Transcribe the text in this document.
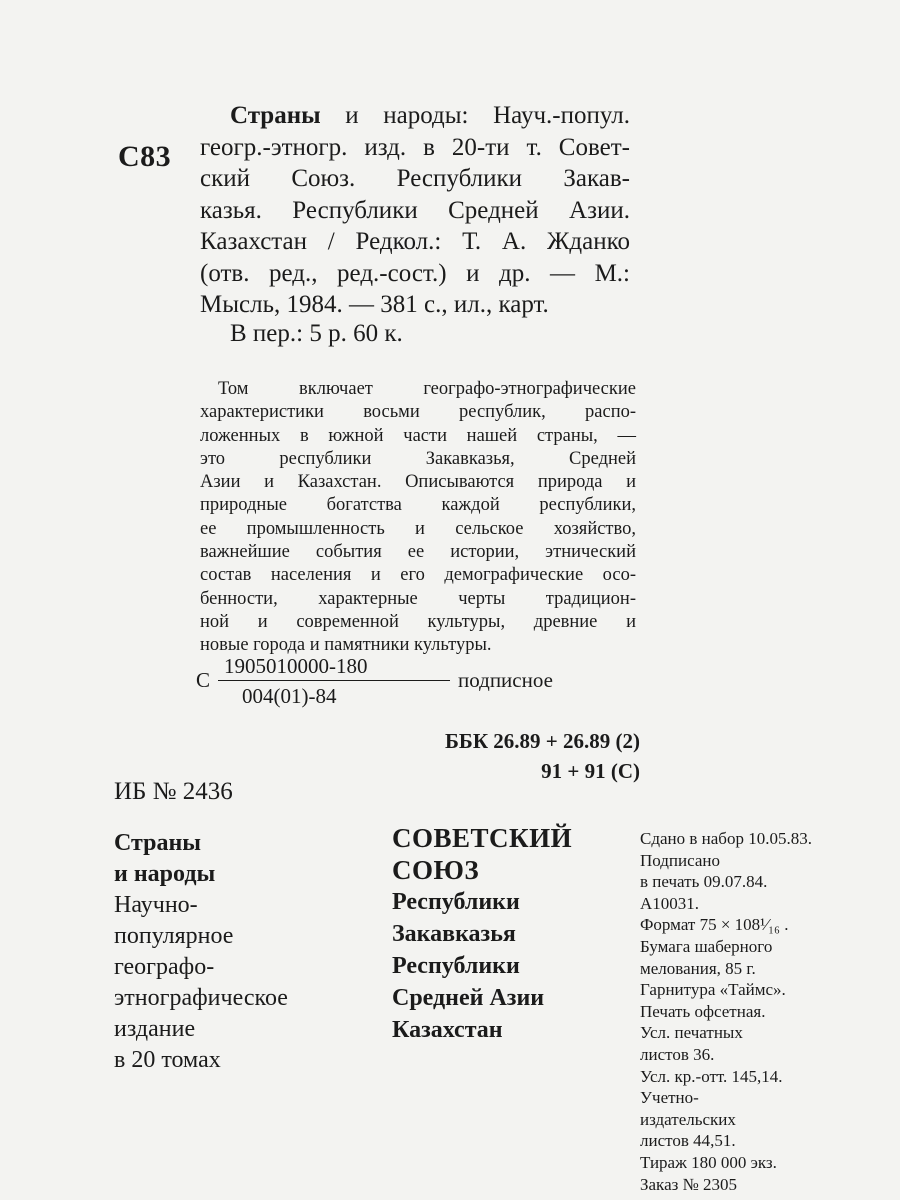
С83
Страны и народы: Науч.-попул.
геогр.-этногр. изд. в 20-ти т. Совет-
ский Союз. Республики Закав-
казья. Республики Средней Азии.
Казахстан / Редкол.: Т. А. Жданко
(отв. ред., ред.-сост.) и др. — М.:
Мысль, 1984. — 381 с., ил., карт.
В пер.: 5 р. 60 к.
Том включает географо-этнографические
характеристики восьми республик, распо-
ложенных в южной части нашей страны, —
это республики Закавказья, Средней
Азии и Казахстан. Описываются природа и
природные богатства каждой республики,
ее промышленность и сельское хозяйство,
важнейшие события ее истории, этнический
состав населения и его демографические осо-
бенности, характерные черты традицион-
ной и современной культуры, древние и
новые города и памятники культуры.
С
1905010000-180
004(01)-84
подписное
ББК 26.89 + 26.89 (2)
91 + 91 (С)
ИБ № 2436
Страны
и народы
Научно-
популярное
географо-
этнографическое
издание
в 20 томах
СОВЕТСКИЙ
СОЮЗ
Республики
Закавказья
Республики
Средней Азии
Казахстан
Сдано в набор 10.05.83.
Подписано
в печать 09.07.84.
А10031.
Формат 75 × 108¹⁄₁₆ .
Бумага шаберного
мелования, 85 г.
Гарнитура «Таймс».
Печать офсетная.
Усл. печатных
листов 36.
Усл. кр.-отт. 145,14.
Учетно-
издательских
листов 44,51.
Тираж 180 000 экз.
Заказ № 2305
